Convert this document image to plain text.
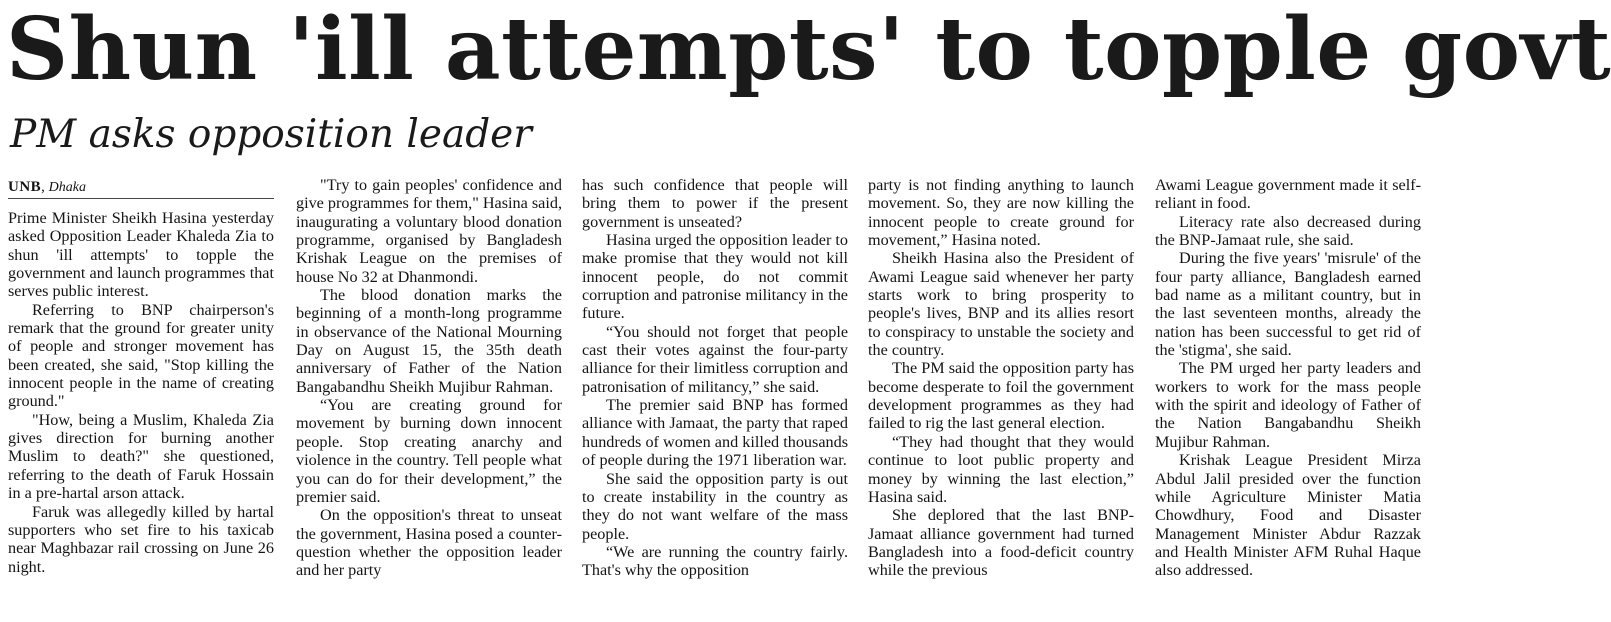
Shun 'ill attempts' to topple govt
PM asks opposition leader
UNB, Dhaka

Prime Minister Sheikh Hasina yesterday asked Opposition Leader Khaleda Zia to shun 'ill attempts' to topple the government and launch programmes that serves public interest.

Referring to BNP chairperson's remark that the ground for greater unity of people and stronger movement has been created, she said, "Stop killing the innocent people in the name of creating ground."

"How, being a Muslim, Khaleda Zia gives direction for burning another Muslim to death?" she questioned, referring to the death of Faruk Hossain in a pre-hartal arson attack.

Faruk was allegedly killed by hartal supporters who set fire to his taxicab near Maghbazar rail crossing on June 26 night.

"Try to gain peoples' confidence and give programmes for them," Hasina said, inaugurating a voluntary blood donation programme, organised by Bangladesh Krishak League on the premises of house No 32 at Dhanmondi.

The blood donation marks the beginning of a month-long programme in observance of the National Mourning Day on August 15, the 35th death anniversary of Father of the Nation Bangabandhu Sheikh Mujibur Rahman.

“You are creating ground for movement by burning down innocent people. Stop creating anarchy and violence in the country. Tell people what you can do for their development,” the premier said.

On the opposition's threat to unseat the government, Hasina posed a counter-question whether the opposition leader and her party

has such confidence that people will bring them to power if the present government is unseated?

Hasina urged the opposition leader to make promise that they would not kill innocent people, do not commit corruption and patronise militancy in the future.

“You should not forget that people cast their votes against the four-party alliance for their limitless corruption and patronisation of militancy,” she said.

The premier said BNP has formed alliance with Jamaat, the party that raped hundreds of women and killed thousands of people during the 1971 liberation war.

She said the opposition party is out to create instability in the country as they do not want welfare of the mass people.

“We are running the country fairly. That's why the opposition

party is not finding anything to launch movement. So, they are now killing the innocent people to create ground for movement,” Hasina noted.

Sheikh Hasina also the President of Awami League said whenever her party starts work to bring prosperity to people's lives, BNP and its allies resort to conspiracy to unstable the society and the country.

The PM said the opposition party has become desperate to foil the government development programmes as they had failed to rig the last general election.

“They had thought that they would continue to loot public property and money by winning the last election,” Hasina said.

She deplored that the last BNP-Jamaat alliance government had turned Bangladesh into a food-deficit country while the previous

Awami League government made it self-reliant in food.

Literacy rate also decreased during the BNP-Jamaat rule, she said.

During the five years' 'misrule' of the four party alliance, Bangladesh earned bad name as a militant country, but in the last seventeen months, already the nation has been successful to get rid of the 'stigma', she said.

The PM urged her party leaders and workers to work for the mass people with the spirit and ideology of Father of the Nation Bangabandhu Sheikh Mujibur Rahman.

Krishak League President Mirza Abdul Jalil presided over the function while Agriculture Minister Matia Chowdhury, Food and Disaster Management Minister Abdur Razzak and Health Minister AFM Ruhal Haque also addressed.
